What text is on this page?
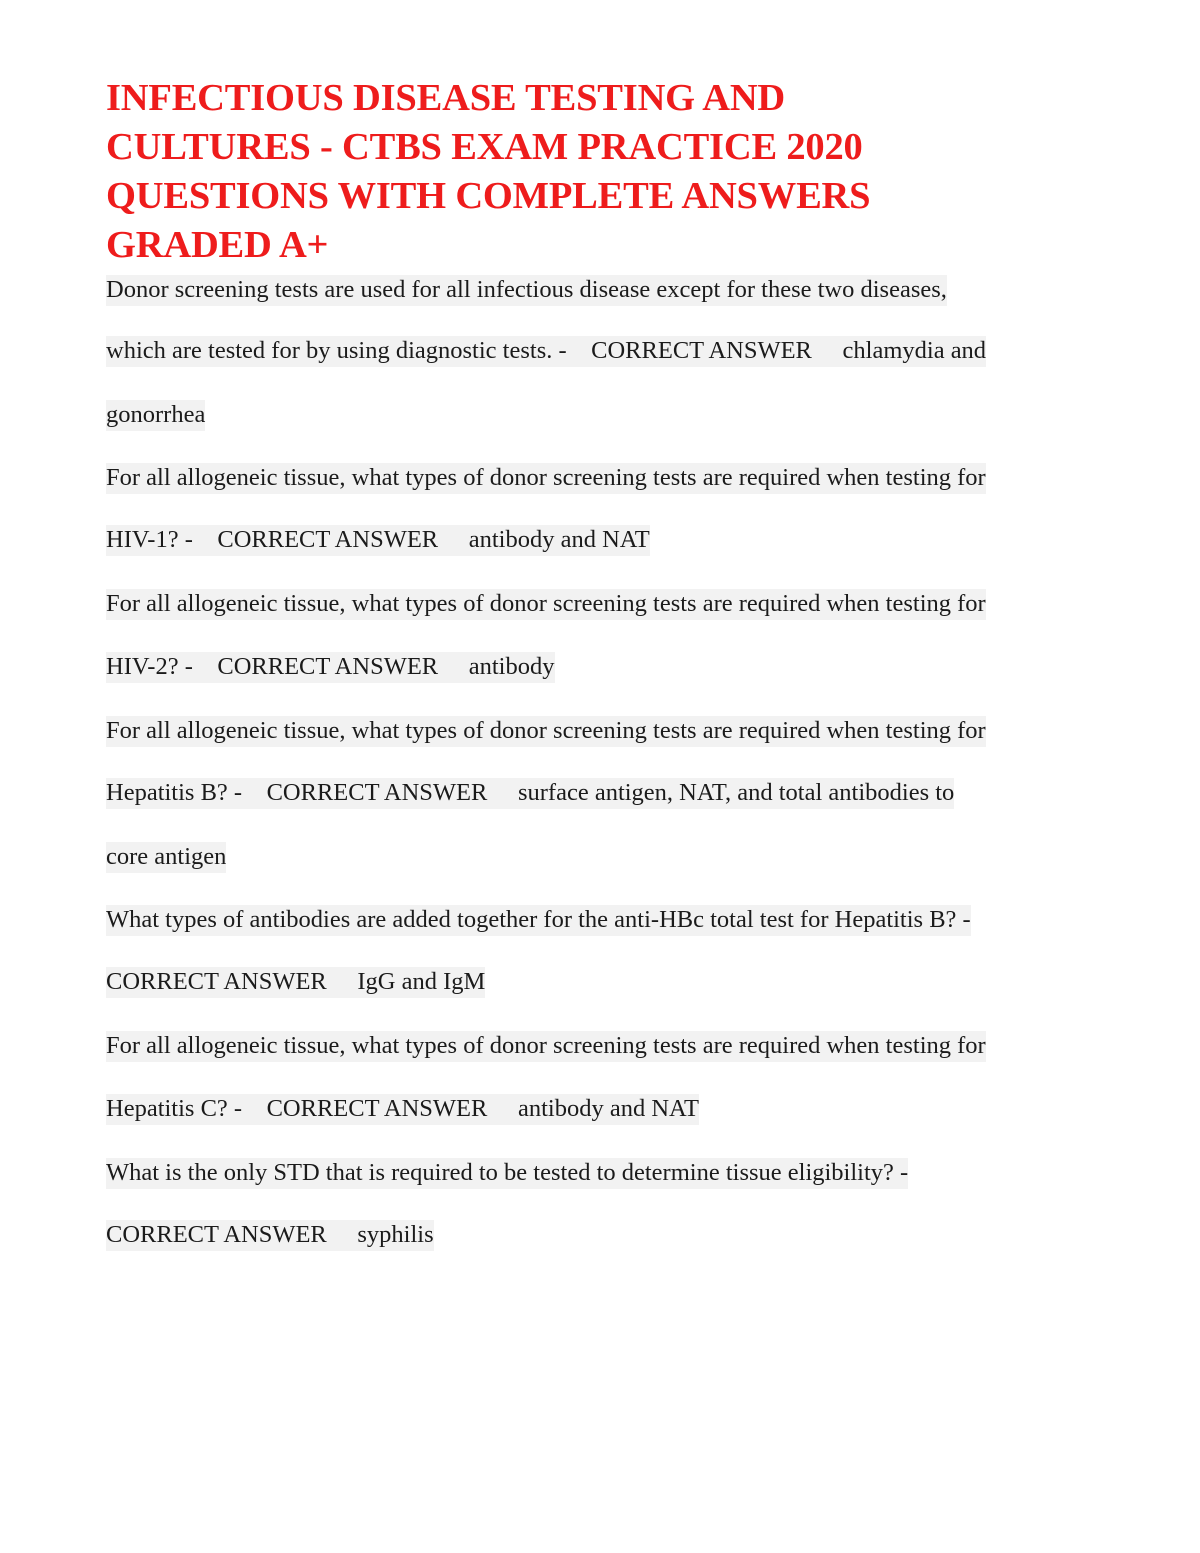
INFECTIOUS DISEASE TESTING AND
CULTURES - CTBS EXAM PRACTICE 2020
QUESTIONS WITH COMPLETE ANSWERS
GRADED A+
Donor screening tests are used for all infectious disease except for these two diseases,
which are tested for by using diagnostic tests. -    CORRECT ANSWER     chlamydia and
gonorrhea
For all allogeneic tissue, what types of donor screening tests are required when testing for
HIV-1? -    CORRECT ANSWER     antibody and NAT
For all allogeneic tissue, what types of donor screening tests are required when testing for
HIV-2? -    CORRECT ANSWER     antibody
For all allogeneic tissue, what types of donor screening tests are required when testing for
Hepatitis B? -    CORRECT ANSWER     surface antigen, NAT, and total antibodies to
core antigen
What types of antibodies are added together for the anti-HBc total test for Hepatitis B? -
CORRECT ANSWER     IgG and IgM
For all allogeneic tissue, what types of donor screening tests are required when testing for
Hepatitis C? -    CORRECT ANSWER     antibody and NAT
What is the only STD that is required to be tested to determine tissue eligibility? -
CORRECT ANSWER     syphilis
